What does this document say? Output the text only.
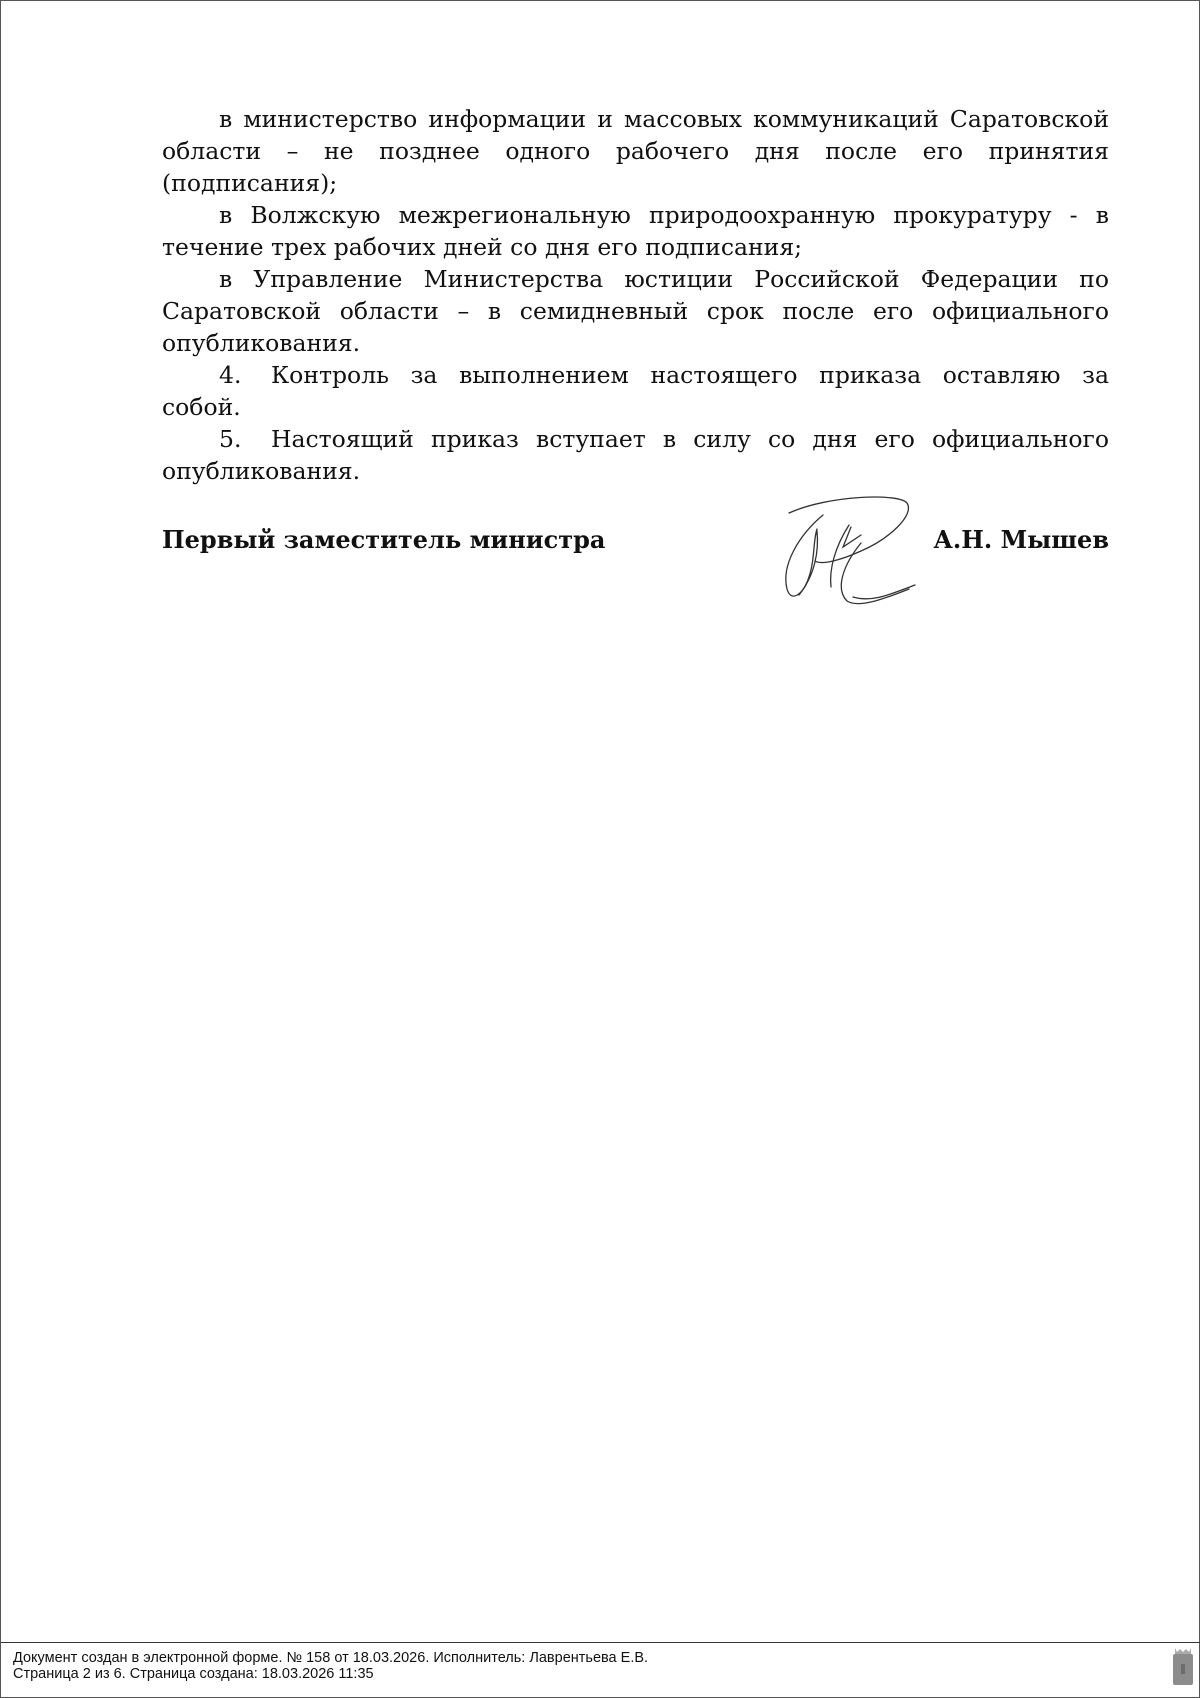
в министерство информации и массовых коммуникаций Саратовской области – не позднее одного рабочего дня после его принятия (подписания);

в Волжскую межрегиональную природоохранную прокуратуру - в течение трех рабочих дней со дня его подписания;

в Управление Министерства юстиции Российской Федерации по Саратовской области – в семидневный срок после его официального опубликования.

4. Контроль за выполнением настоящего приказа оставляю за собой.

5. Настоящий приказ вступает в силу со дня его официального опубликования.

Первый заместитель министра	А.Н. Мышев
Документ создан в электронной форме. № 158 от 18.03.2026. Исполнитель: Лаврентьева Е.В.
Страница 2 из 6. Страница создана: 18.03.2026 11:35
